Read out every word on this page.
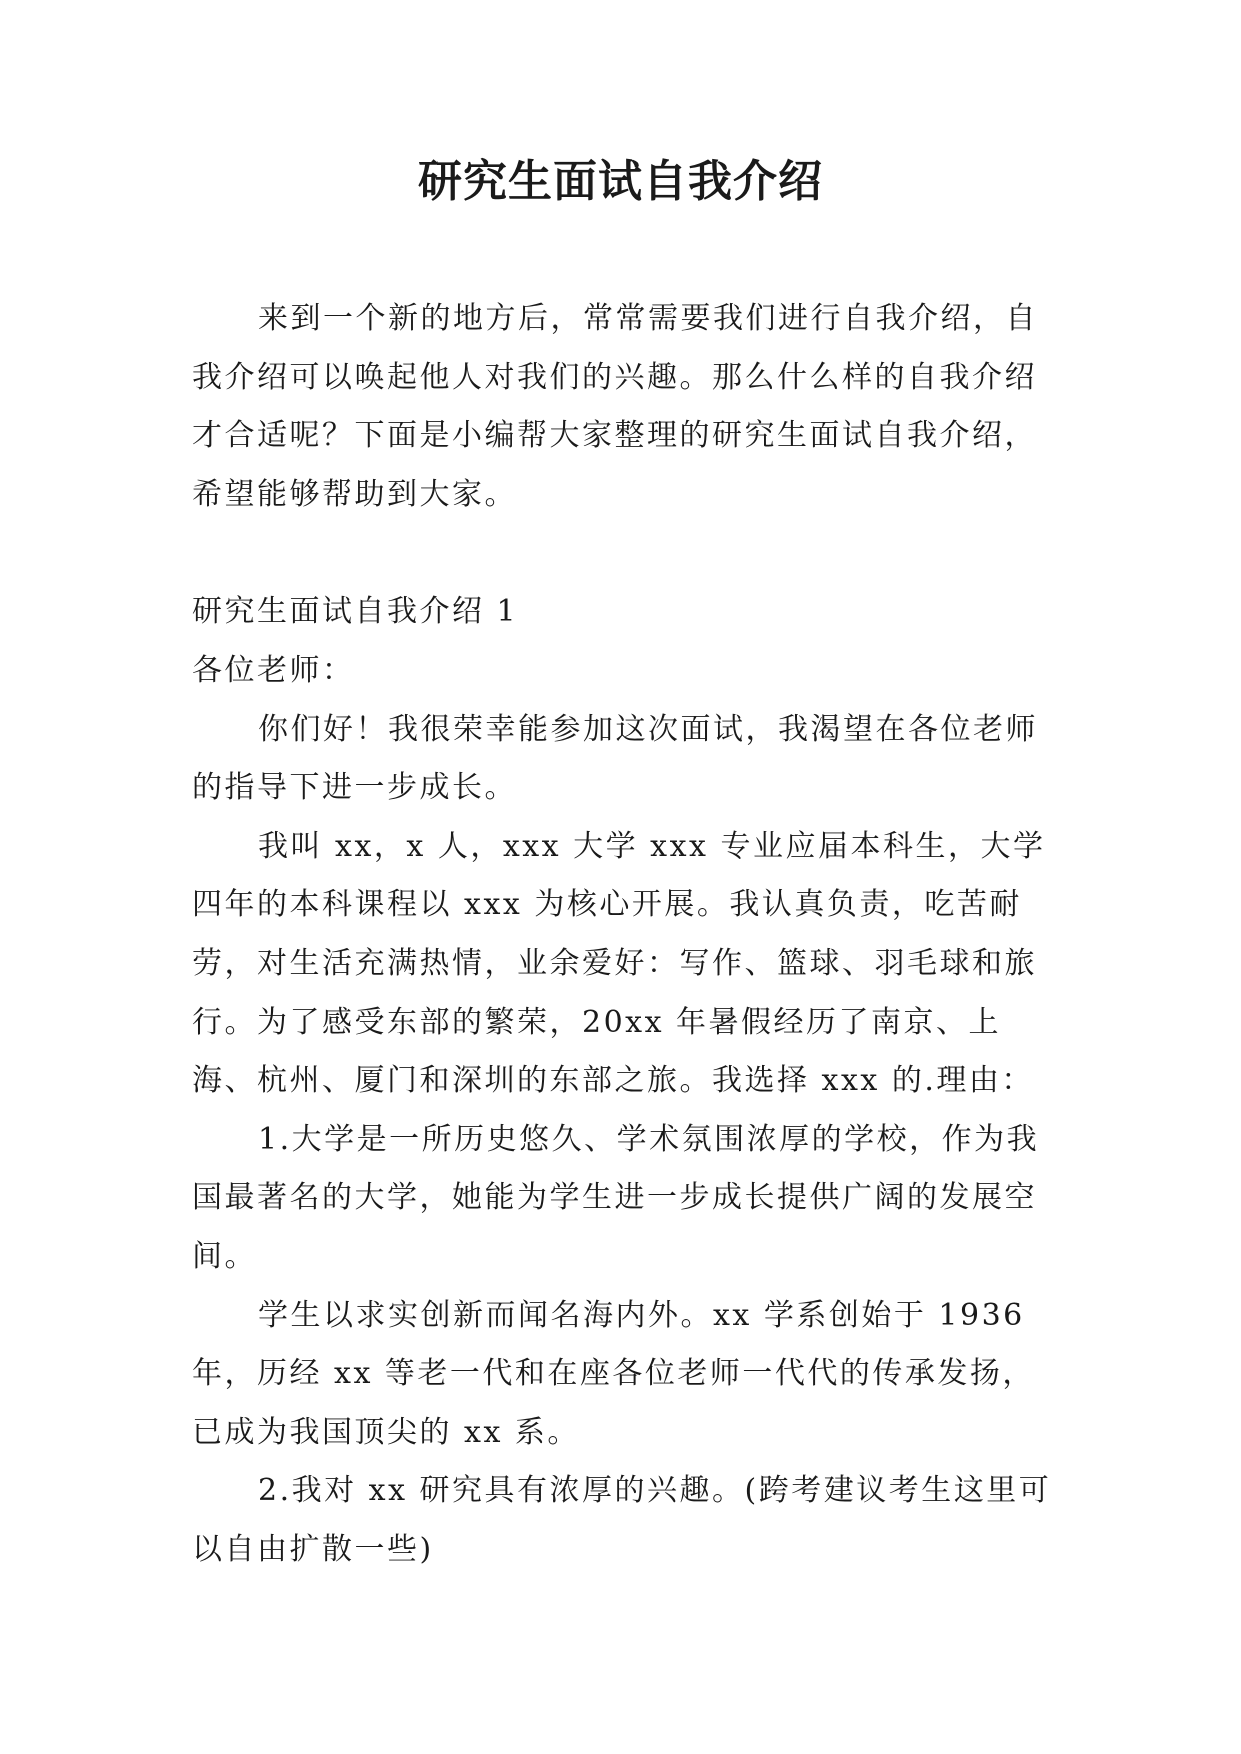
研究生面试自我介绍

来到一个新的地方后，常常需要我们进行自我介绍，自我介绍可以唤起他人对我们的兴趣。那么什么样的自我介绍才合适呢？下面是小编帮大家整理的研究生面试自我介绍，希望能够帮助到大家。

研究生面试自我介绍 1

各位老师：

你们好！我很荣幸能参加这次面试，我渴望在各位老师的指导下进一步成长。

我叫 xx，x 人，xxx 大学 xxx 专业应届本科生，大学四年的本科课程以 xxx 为核心开展。我认真负责，吃苦耐劳，对生活充满热情，业余爱好：写作、篮球、羽毛球和旅行。为了感受东部的繁荣，20xx 年暑假经历了南京、上海、杭州、厦门和深圳的东部之旅。我选择 xxx 的.理由：

1.大学是一所历史悠久、学术氛围浓厚的学校，作为我国最著名的大学，她能为学生进一步成长提供广阔的发展空间。

学生以求实创新而闻名海内外。xx 学系创始于 1936 年，历经 xx 等老一代和在座各位老师一代代的传承发扬，已成为我国顶尖的 xx 系。

2.我对 xx 研究具有浓厚的兴趣。(跨考建议考生这里可以自由扩散一些)
